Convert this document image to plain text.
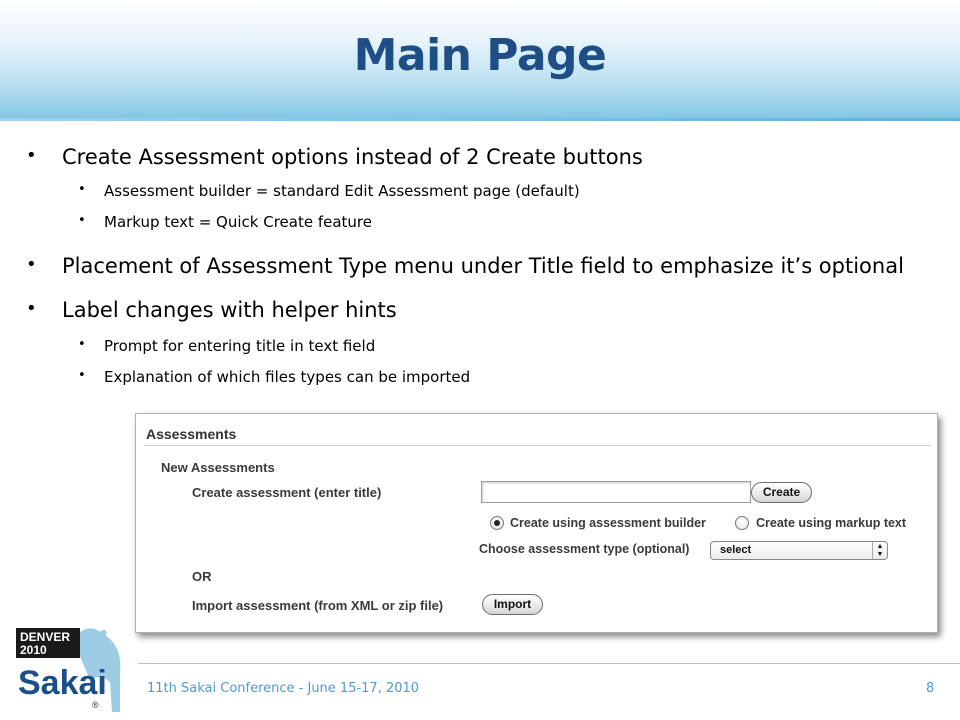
Main Page
• Create Assessment options instead of 2 Create buttons
• Assessment builder = standard Edit Assessment page (default)
• Markup text = Quick Create feature
• Placement of Assessment Type menu under Title field to emphasize it’s optional
• Label changes with helper hints
• Prompt for entering title in text field
• Explanation of which files types can be imported
Assessments
New Assessments
Create assessment (enter title)	Create
Create using assessment builder	Create using markup text
Choose assessment type (optional)	select	▲
▼
OR
Import assessment (from XML or zip file)	Import
11th Sakai Conference - June 15-17, 2010	8
DENVER
2010
Sakai
®
